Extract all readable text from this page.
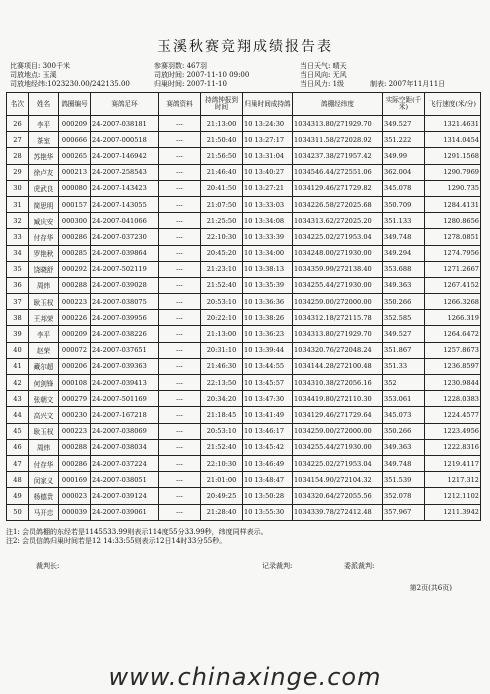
玉溪秋赛竞翔成绩报告表
比赛项目: 300千米
司放地点: 玉溪
司放地经纬:1023230.00/242135.00
参赛羽数: 467羽
司放时间: 2007-11-10 09:00
归巢时间: 2007-11-10
当日天气: 晴天
当日风向: 无风
当日风力: 1级	制表: 2007年11月11日
名次	姓名	鸽圈编号	赛鸽足环	赛鸽资料	持鸽钟报到时间	归巢时间成持鸽	鸽棚经纬度	实际空距(千米)	飞行速度(米/分)
26	李平	000209	24-2007-038181	---	21:13:00	10 13:24:30	1034313.80/271929.70	349.527	1321.4631
27	茶室	000666	24-2007-000518	---	21:50:40	10 13:27:17	1034311.58/272028.92	351.222	1314.0454
28	苏艳华	000265	24-2007-146942	---	21:56:50	10 13:31:04	1034237.38/271957.42	349.99	1291.1568
29	徐卢友	000213	24-2007-258543	---	21:46:40	10 13:40:27	1034546.44/272551.06	362.004	1290.7969
30	虎武良	000080	24-2007-143423	---	20:41:50	10 13:27:21	1034129.46/271729.82	345.078	1290.735
31	简思明	000157	24-2007-143055	---	21:07:50	10 13:33:03	1034226.58/272025.68	350.709	1284.4131
32	臧庆安	000300	24-2007-041066	---	21:25:50	10 13:34:08	1034313.62/272025.20	351.133	1280.8656
33	付存华	000286	24-2007-037230	---	22:10:30	10 13:33:39	1034225.02/271953.04	349.748	1278.0851
34	罗艳秋	000285	24-2007-039864	---	20:45:20	10 13:34:00	1034248.00/271930.00	349.294	1274.7956
35	饶晓舒	000292	24-2007-502119	---	21:23:10	10 13:38:13	1034359.99/272138.40	353.688	1271.2667
36	周炜	000288	24-2007-039028	---	21:52:40	10 13:35:39	1034255.44/271930.00	349.363	1267.4152
37	耿玉权	000223	24-2007-038075	---	20:53:10	10 13:36:36	1034259.00/272000.00	350.266	1266.3268
38	王邦荣	000226	24-2007-039956	---	20:22:10	10 13:38:26	1034312.18/272115.78	352.585	1266.319
39	李平	000209	24-2007-038226	---	21:13:00	10 13:36:23	1034313.80/271929.70	349.527	1264.6472
40	赵荣	000072	24-2007-037651	---	20:31:10	10 13:39:44	1034320.76/272048.24	351.867	1257.8673
41	藏尔超	000206	24-2007-039363	---	21:46:30	10 13:44:55	1034144.28/272100.48	351.33	1236.8597
42	何剑锋	000108	24-2007-039413	---	22:13:50	10 13:45:57	1034310.38/272056.16	352	1230.9844
43	张朝文	000279	24-2007-501169	---	20:34:20	10 13:47:30	1034419.80/272110.30	353.061	1228.0383
44	高兴文	000230	24-2007-167218	---	21:18:45	10 13:41:49	1034129.46/271729.64	345.073	1224.4577
45	耿玉权	000223	24-2007-038069	---	20:53:10	10 13:46:17	1034259.00/272000.00	350.266	1223.4956
46	周炜	000288	24-2007-038034	---	21:52:40	10 13:45:42	1034255.44/271930.00	349.363	1222.8316
47	付存华	000286	24-2007-037224	---	22:10:30	10 13:46:49	1034225.02/271953.04	349.748	1219.4117
48	闵家义	000169	24-2007-038051	---	21:01:00	10 13:48:47	1034154.90/272104.32	351.539	1217.312
49	杨德贵	000023	24-2007-039124	---	20:49:25	10 13:50:28	1034320.64/272055.56	352.078	1212.1102
50	马开忠	000039	24-2007-039061	---	21:28:40	10 13:55:30	1034339.78/272412.48	357.967	1211.3942
注1: 会员鸽棚的东经若是1145533.99则表示114度55分33.99秒，纬度同样表示。
注2: 会员信鸽归巢时间若是12 14:33:55则表示12日14时33分55秒。
裁判长:	记录裁判:	委派裁判:
第2页(共6页)
www.chinaxinge.com
